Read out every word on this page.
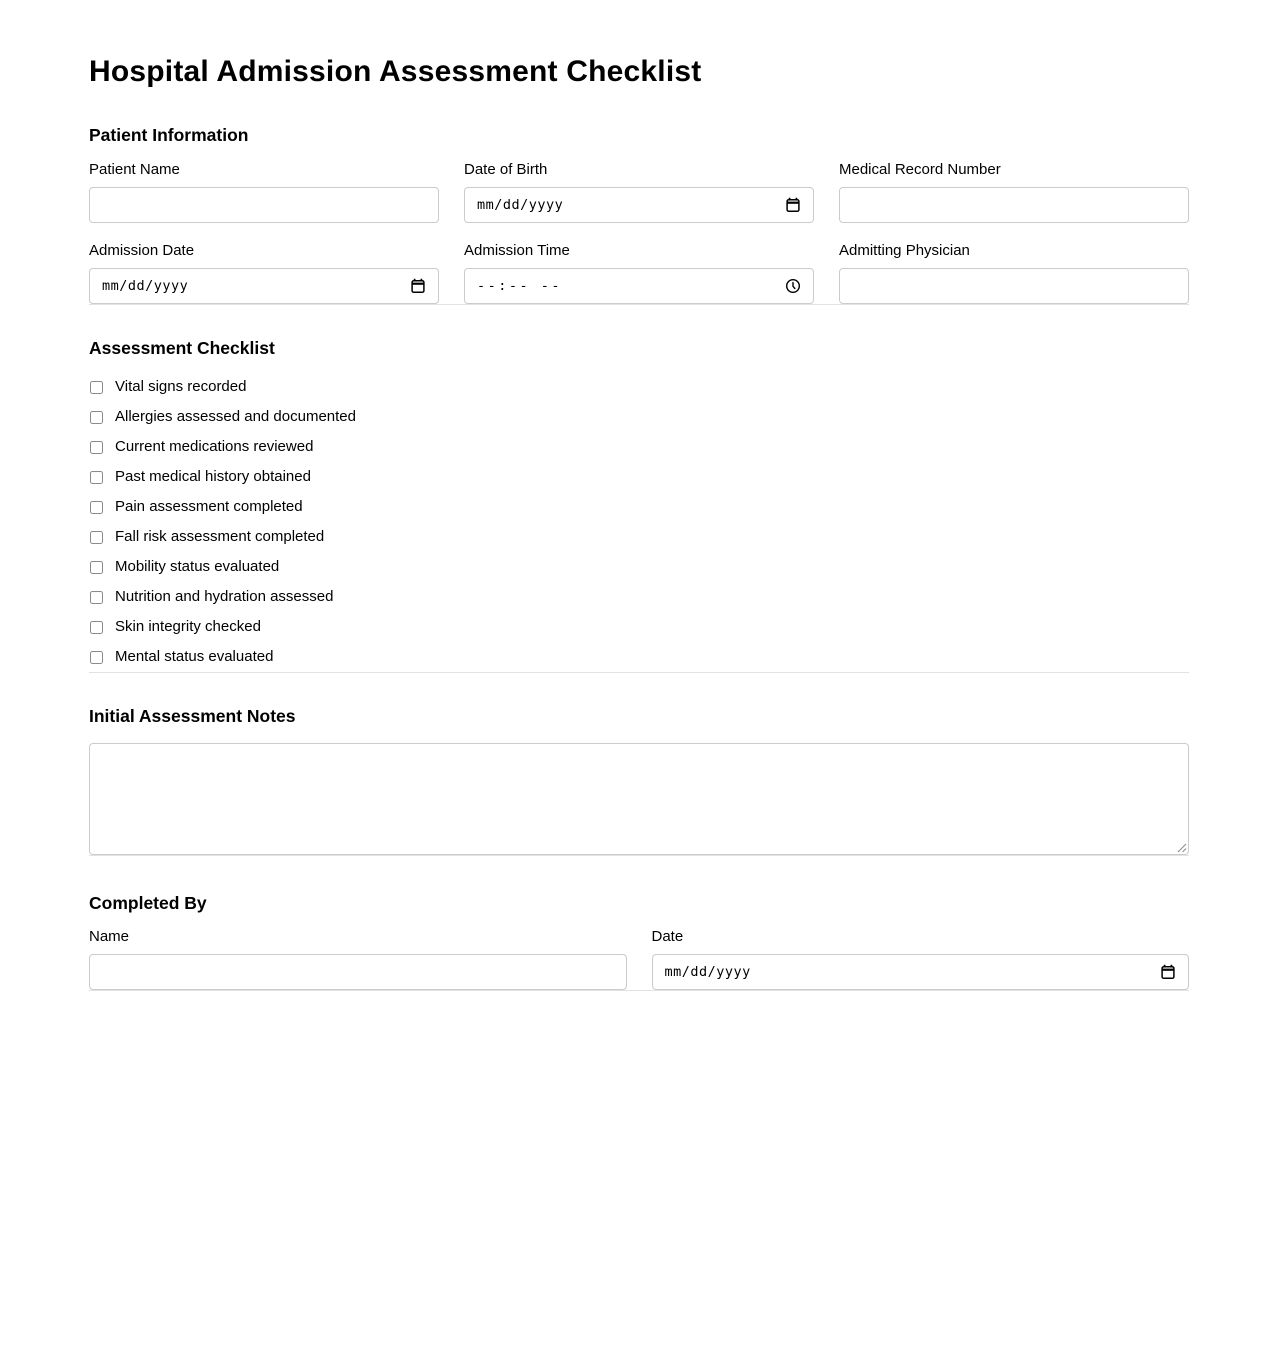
Hospital Admission Assessment Checklist
Patient Information
Patient Name	Date of Birth
mm/dd/yyyy
Medical Record Number
Admission Date
mm/dd/yyyy
Admission Time
--:-- --
Admitting Physician
Assessment Checklist
Vital signs recorded
Allergies assessed and documented
Current medications reviewed
Past medical history obtained
Pain assessment completed
Fall risk assessment completed
Mobility status evaluated
Nutrition and hydration assessed
Skin integrity checked
Mental status evaluated
Initial Assessment Notes
Completed By
Name	Date
mm/dd/yyyy
